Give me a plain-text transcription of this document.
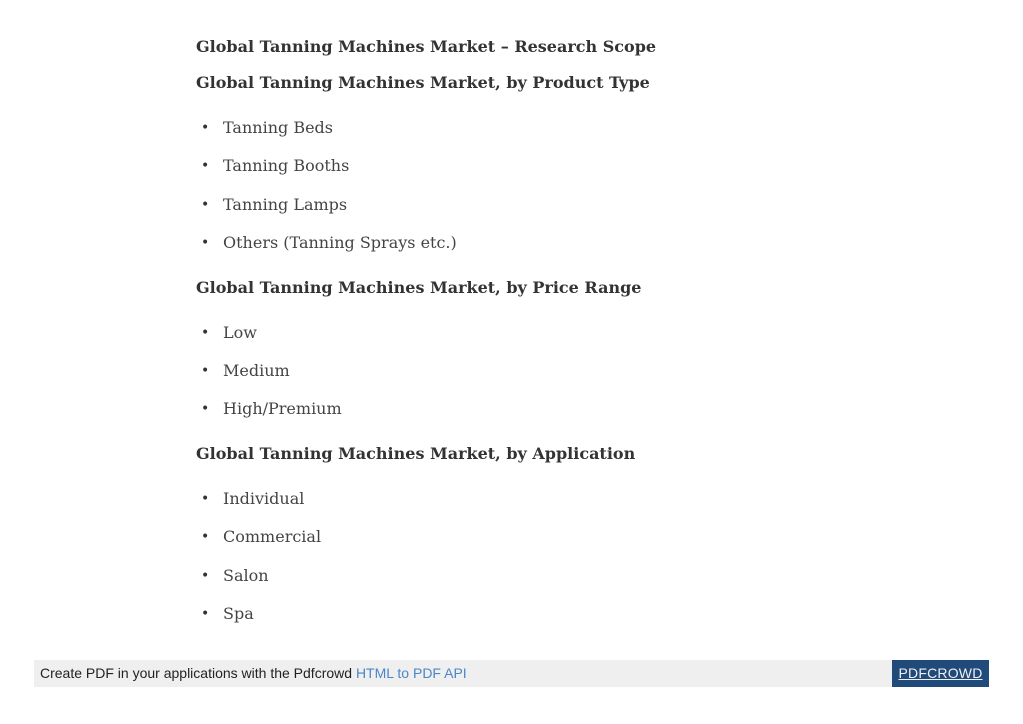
Global Tanning Machines Market – Research Scope
Global Tanning Machines Market, by Product Type
• Tanning Beds
• Tanning Booths
• Tanning Lamps
• Others (Tanning Sprays etc.)
Global Tanning Machines Market, by Price Range
• Low
• Medium
• High/Premium
Global Tanning Machines Market, by Application
• Individual
• Commercial
• Salon
• Spa
Create PDF in your applications with the Pdfcrowd HTML to PDF API	PDFCROWD
